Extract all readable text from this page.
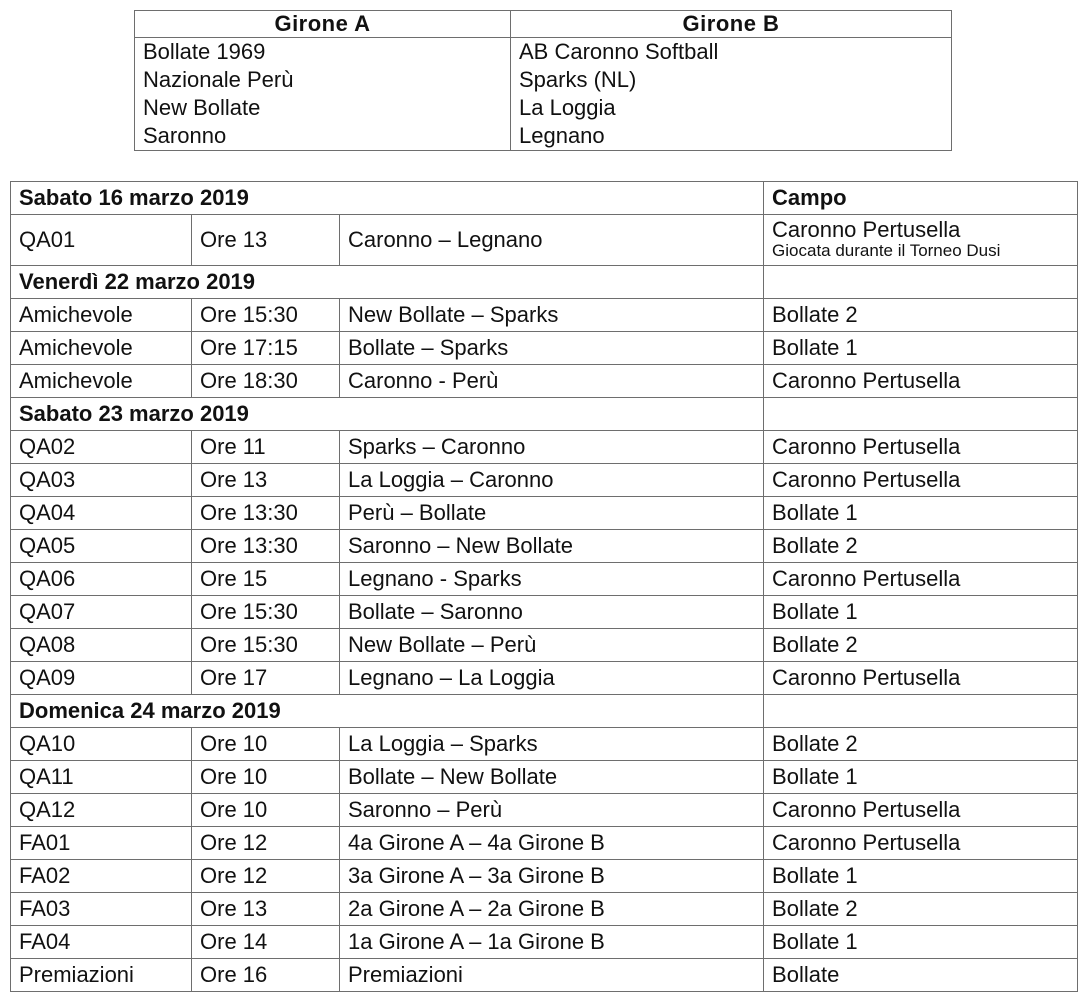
Girone A	Girone B
Bollate 1969	AB Caronno Softball
Nazionale Perù	Sparks (NL)
New Bollate	La Loggia
Saronno	Legnano
Sabato 16 marzo 2019			Campo
QA01	Ore 13	Caronno – Legnano	Caronno Pertusella
Giocata durante il Torneo Dusi

Venerdì 22 marzo 2019			
Amichevole	Ore 15:30	New Bollate – Sparks	Bollate 2

Amichevole	Ore 17:15	Bollate – Sparks	Bollate 1

Amichevole	Ore 18:30	Caronno - Perù	Caronno Pertusella

Sabato 23 marzo 2019			
QA02	Ore 11	Sparks – Caronno	Caronno Pertusella

QA03	Ore 13	La Loggia – Caronno	Caronno Pertusella

QA04	Ore 13:30	Perù – Bollate	Bollate 1

QA05	Ore 13:30	Saronno – New Bollate	Bollate 2

QA06	Ore 15	Legnano - Sparks	Caronno Pertusella

QA07	Ore 15:30	Bollate – Saronno	Bollate 1

QA08	Ore 15:30	New Bollate – Perù	Bollate 2

QA09	Ore 17	Legnano – La Loggia	Caronno Pertusella

Domenica 24 marzo 2019			
QA10	Ore 10	La Loggia – Sparks	Bollate 2

QA11	Ore 10	Bollate – New Bollate	Bollate 1

QA12	Ore 10	Saronno – Perù	Caronno Pertusella

FA01	Ore 12	4a Girone A – 4a Girone B	Caronno Pertusella

FA02	Ore 12	3a Girone A – 3a Girone B	Bollate 1

FA03	Ore 13	2a Girone A – 2a Girone B	Bollate 2

FA04	Ore 14	1a Girone A – 1a Girone B	Bollate 1

Premiazioni	Ore 16	Premiazioni	Bollate
